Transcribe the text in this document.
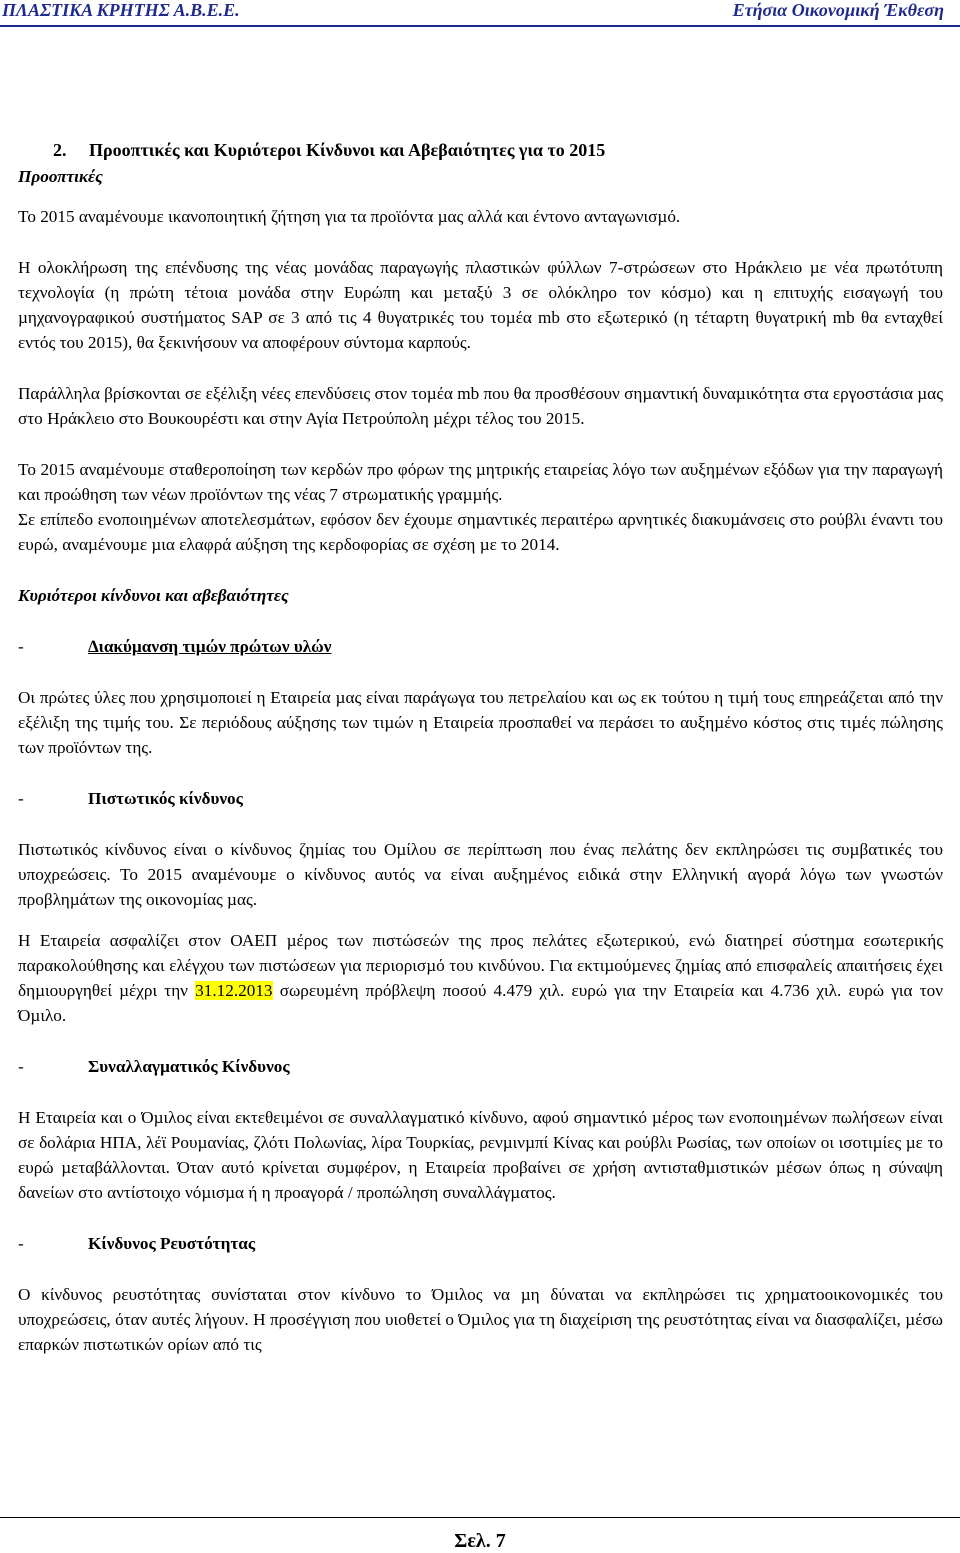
ΠΛΑΣΤΙΚΑ ΚΡΗΤΗΣ Α.Β.Ε.Ε.	Ετήσια Οικονοµική Έκθεση
2. Προοπτικές και Κυριότεροι Κίνδυνοι και Αβεβαιότητες για το 2015

Προοπτικές

Το 2015 αναµένουµε ικανοποιητική ζήτηση για τα προϊόντα µας αλλά και έντονο ανταγωνισµό.

Η ολοκλήρωση της επένδυσης της νέας µονάδας παραγωγής πλαστικών φύλλων 7-στρώσεων στο Ηράκλειο µε νέα πρωτότυπη τεχνολογία (η πρώτη τέτοια µονάδα στην Ευρώπη και µεταξύ 3 σε ολόκληρο τον κόσµο) και η επιτυχής εισαγωγή του µηχανογραφικού συστήµατος SAP σε 3 από τις 4 θυγατρικές του τοµέα mb στο εξωτερικό (η τέταρτη θυγατρική mb θα ενταχθεί εντός του 2015), θα ξεκινήσουν να αποφέρουν σύντοµα καρπούς.

Παράλληλα βρίσκονται σε εξέλιξη νέες επενδύσεις στον τοµέα mb που θα προσθέσουν σηµαντική δυναµικότητα στα εργοστάσια µας στο Ηράκλειο στο Βουκουρέστι και στην Αγία Πετρούπολη µέχρι τέλος του 2015.

Το 2015 αναµένουµε σταθεροποίηση των κερδών προ φόρων της µητρικής εταιρείας λόγο των αυξηµένων εξόδων για την παραγωγή και προώθηση των νέων προϊόντων της νέας 7 στρωµατικής γραµµής.

Σε επίπεδο ενοποιηµένων αποτελεσµάτων, εφόσον δεν έχουµε σηµαντικές περαιτέρω αρνητικές διακυµάνσεις στο ρούβλι έναντι του ευρώ, αναµένουµε µια ελαφρά αύξηση της κερδοφορίας σε σχέση µε το 2014.

Κυριότεροι κίνδυνοι και αβεβαιότητες

-	∆ιακύµανση τιµών πρώτων υλών

Οι πρώτες ύλες που χρησιµοποιεί η Εταιρεία µας είναι παράγωγα του πετρελαίου και ως εκ τούτου η τιµή τους επηρεάζεται από την εξέλιξη της τιµής του. Σε περιόδους αύξησης των τιµών η Εταιρεία προσπαθεί να περάσει το αυξηµένο κόστος στις τιµές πώλησης των προϊόντων της.

-	Πιστωτικός κίνδυνος

Πιστωτικός κίνδυνος είναι ο κίνδυνος ζηµίας του Οµίλου σε περίπτωση που ένας πελάτης δεν εκπληρώσει τις συµβατικές του υποχρεώσεις. Το 2015 αναµένουµε ο κίνδυνος αυτός να είναι αυξηµένος ειδικά στην Ελληνική αγορά λόγω των γνωστών προβληµάτων της οικονοµίας µας.

Η Εταιρεία ασφαλίζει στον ΟΑΕΠ µέρος των πιστώσεών της προς πελάτες εξωτερικού, ενώ διατηρεί σύστηµα εσωτερικής παρακολούθησης και ελέγχου των πιστώσεων για περιορισµό του κινδύνου. Για εκτιµούµενες ζηµίας από επισφαλείς απαιτήσεις έχει δηµιουργηθεί µέχρι την 31.12.2013 σωρευµένη πρόβλεψη ποσού 4.479 χιλ. ευρώ για την Εταιρεία και 4.736 χιλ. ευρώ για τον Όµιλο.

-	Συναλλαγµατικός Κίνδυνος

Η Εταιρεία και ο Όµιλος είναι εκτεθειµένοι σε συναλλαγµατικό κίνδυνο, αφού σηµαντικό µέρος των ενοποιηµένων πωλήσεων είναι σε δολάρια ΗΠΑ, λέϊ Ρουµανίας, ζλότι Πολωνίας, λίρα Τουρκίας, ρενµινµπί Κίνας και ρούβλι Ρωσίας, των οποίων οι ισοτιµίες µε το ευρώ µεταβάλλονται. Όταν αυτό κρίνεται συµφέρον, η Εταιρεία προβαίνει σε χρήση αντισταθµιστικών µέσων όπως η σύναψη δανείων στο αντίστοιχο νόµισµα ή η προαγορά / προπώληση συναλλάγµατος.

-	Κίνδυνος Ρευστότητας

Ο κίνδυνος ρευστότητας συνίσταται στον κίνδυνο το Όµιλος να µη δύναται να εκπληρώσει τις χρηµατοοικονοµικές του υποχρεώσεις, όταν αυτές λήγουν. Η προσέγγιση που υιοθετεί ο Όµιλος για τη διαχείριση της ρευστότητας είναι να διασφαλίζει, µέσω επαρκών πιστωτικών ορίων από τις

Σελ. 7
